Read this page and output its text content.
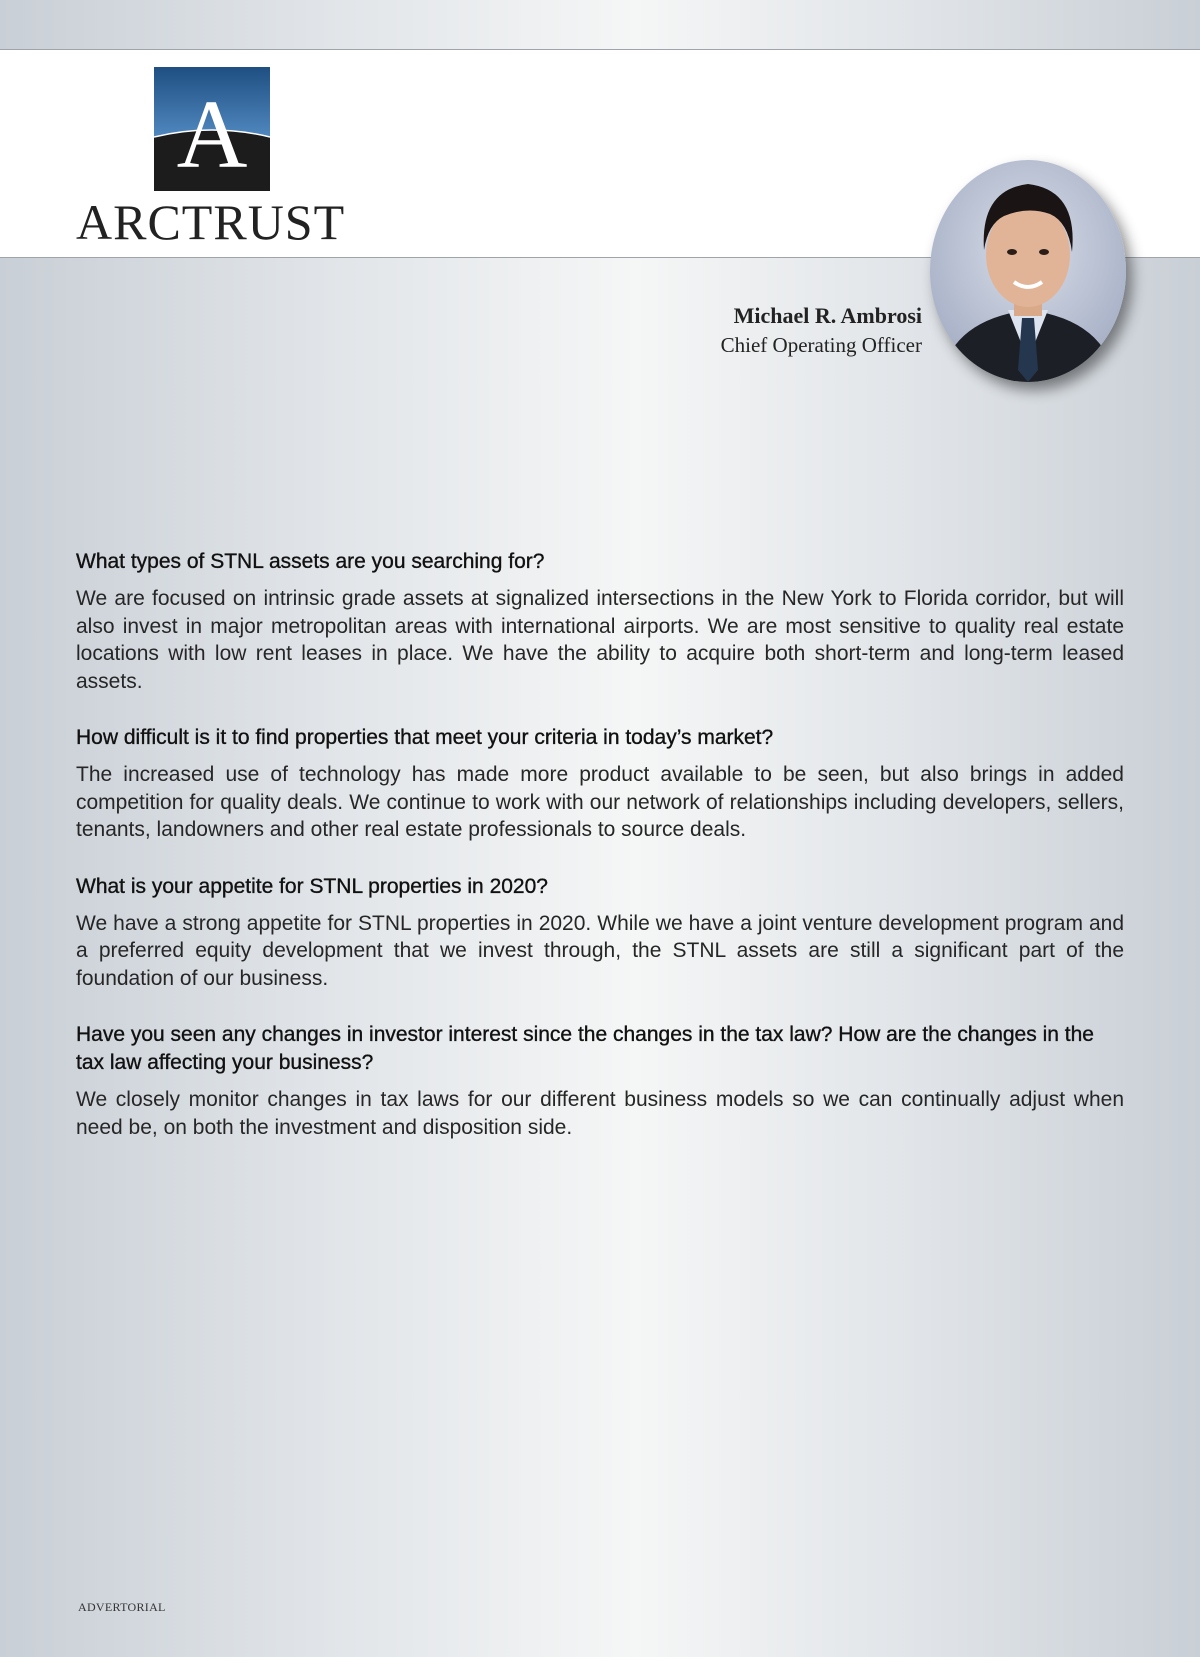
A
ARCTRUST
Michael R. Ambrosi
Chief Operating Officer
What types of STNL assets are you searching for?

We are focused on intrinsic grade assets at signalized intersections in the New York to Florida corridor, but will also invest in major metropolitan areas with international airports. We are most sensitive to quality real estate locations with low rent leases in place. We have the ability to acquire both short-term and long-term leased assets.

How difficult is it to find properties that meet your criteria in today’s market?

The increased use of technology has made more product available to be seen, but also brings in added competition for quality deals. We continue to work with our network of relationships including developers, sellers, tenants, landowners and other real estate professionals to source deals.

What is your appetite for STNL properties in 2020?

We have a strong appetite for STNL properties in 2020. While we have a joint venture development program and a preferred equity development that we invest through, the STNL assets are still a significant part of the foundation of our business.

Have you seen any changes in investor interest since the changes in the tax law? How are the changes in the tax law affecting your business?

We closely monitor changes in tax laws for our different business models so we can continually adjust when need be, on both the investment and disposition side.

ADVERTORIAL
